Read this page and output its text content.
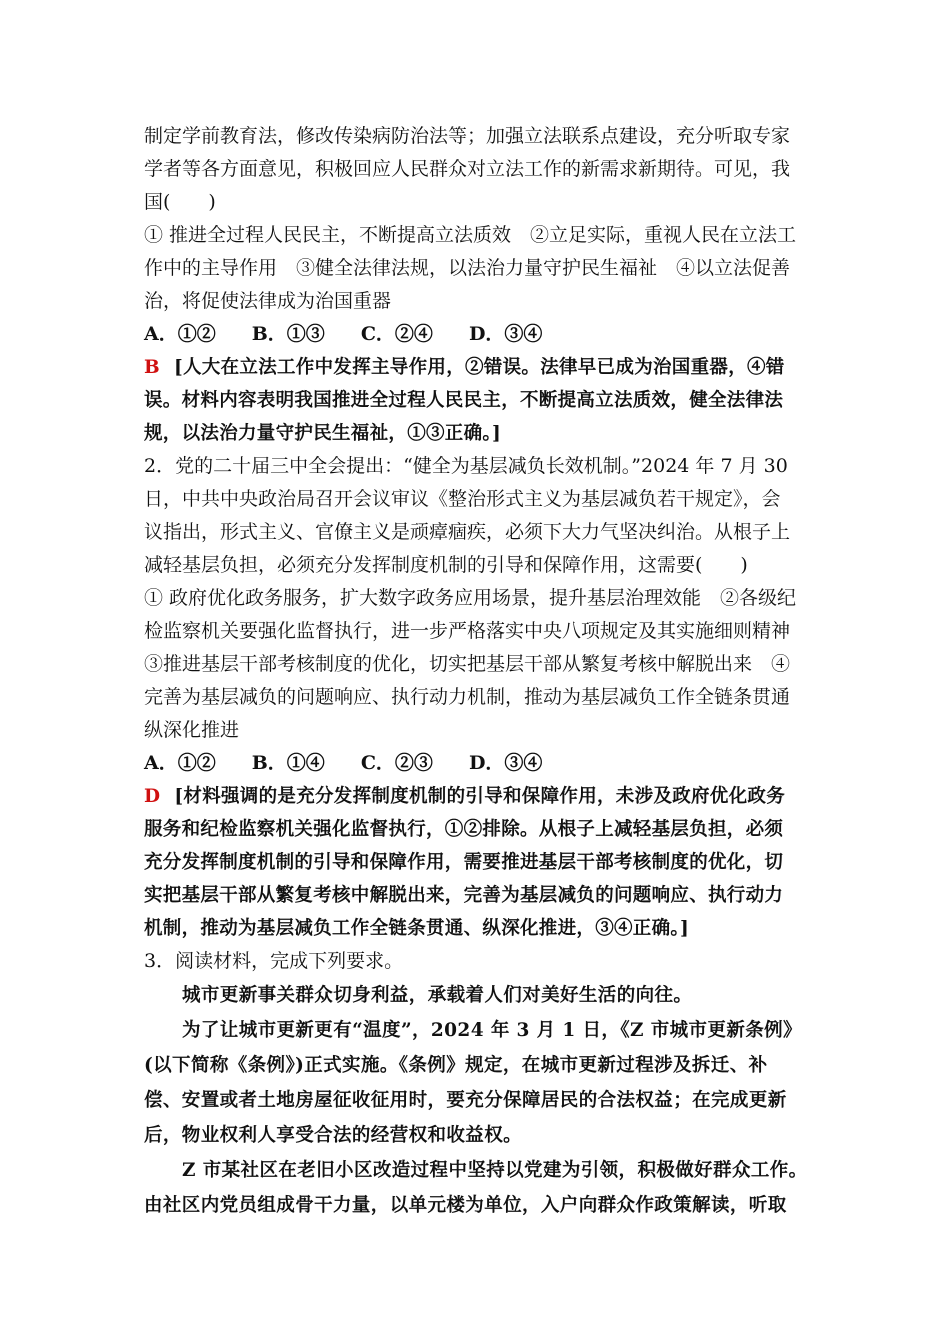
制定学前教育法，修改传染病防治法等；加强立法联系点建设，充分听取专家
学者等各方面意见，积极回应人民群众对立法工作的新需求新期待。可见，我
国(　　)
① 推进全过程人民民主，不断提高立法质效　②立足实际，重视人民在立法工
作中的主导作用　③健全法律法规，以法治力量守护民生福祉　④以立法促善
治，将促使法律成为治国重器
A．①② B．①③ C．②④ D．③④
B [人大在立法工作中发挥主导作用，②错误。法律早已成为治国重器，④错
误。材料内容表明我国推进全过程人民民主，不断提高立法质效，健全法律法
规，以法治力量守护民生福祉，①③正确。]
2．党的二十届三中全会提出：“健全为基层减负长效机制。”2024 年 7 月 30
日，中共中央政治局召开会议审议《整治形式主义为基层减负若干规定》，会
议指出，形式主义、官僚主义是顽瘴痼疾，必须下大力气坚决纠治。从根子上
减轻基层负担，必须充分发挥制度机制的引导和保障作用，这需要(　　)
① 政府优化政务服务，扩大数字政务应用场景，提升基层治理效能　②各级纪
检监察机关要强化监督执行，进一步严格落实中央八项规定及其实施细则精神
③推进基层干部考核制度的优化，切实把基层干部从繁复考核中解脱出来　④
完善为基层减负的问题响应、执行动力机制，推动为基层减负工作全链条贯通
纵深化推进
A．①② B．①④ C．②③ D．③④
D [材料强调的是充分发挥制度机制的引导和保障作用，未涉及政府优化政务
服务和纪检监察机关强化监督执行，①②排除。从根子上减轻基层负担，必须
充分发挥制度机制的引导和保障作用，需要推进基层干部考核制度的优化，切
实把基层干部从繁复考核中解脱出来，完善为基层减负的问题响应、执行动力
机制，推动为基层减负工作全链条贯通、纵深化推进，③④正确。]
3．阅读材料，完成下列要求。
城市更新事关群众切身利益，承载着人们对美好生活的向往。
为了让城市更新更有“温度”，2024 年 3 月 1 日，《Z 市城市更新条例》
(以下简称《条例》)正式实施。《条例》规定，在城市更新过程涉及拆迁、补
偿、安置或者土地房屋征收征用时，要充分保障居民的合法权益；在完成更新
后，物业权利人享受合法的经营权和收益权。
Z 市某社区在老旧小区改造过程中坚持以党建为引领，积极做好群众工作。
由社区内党员组成骨干力量，以单元楼为单位，入户向群众作政策解读，听取
